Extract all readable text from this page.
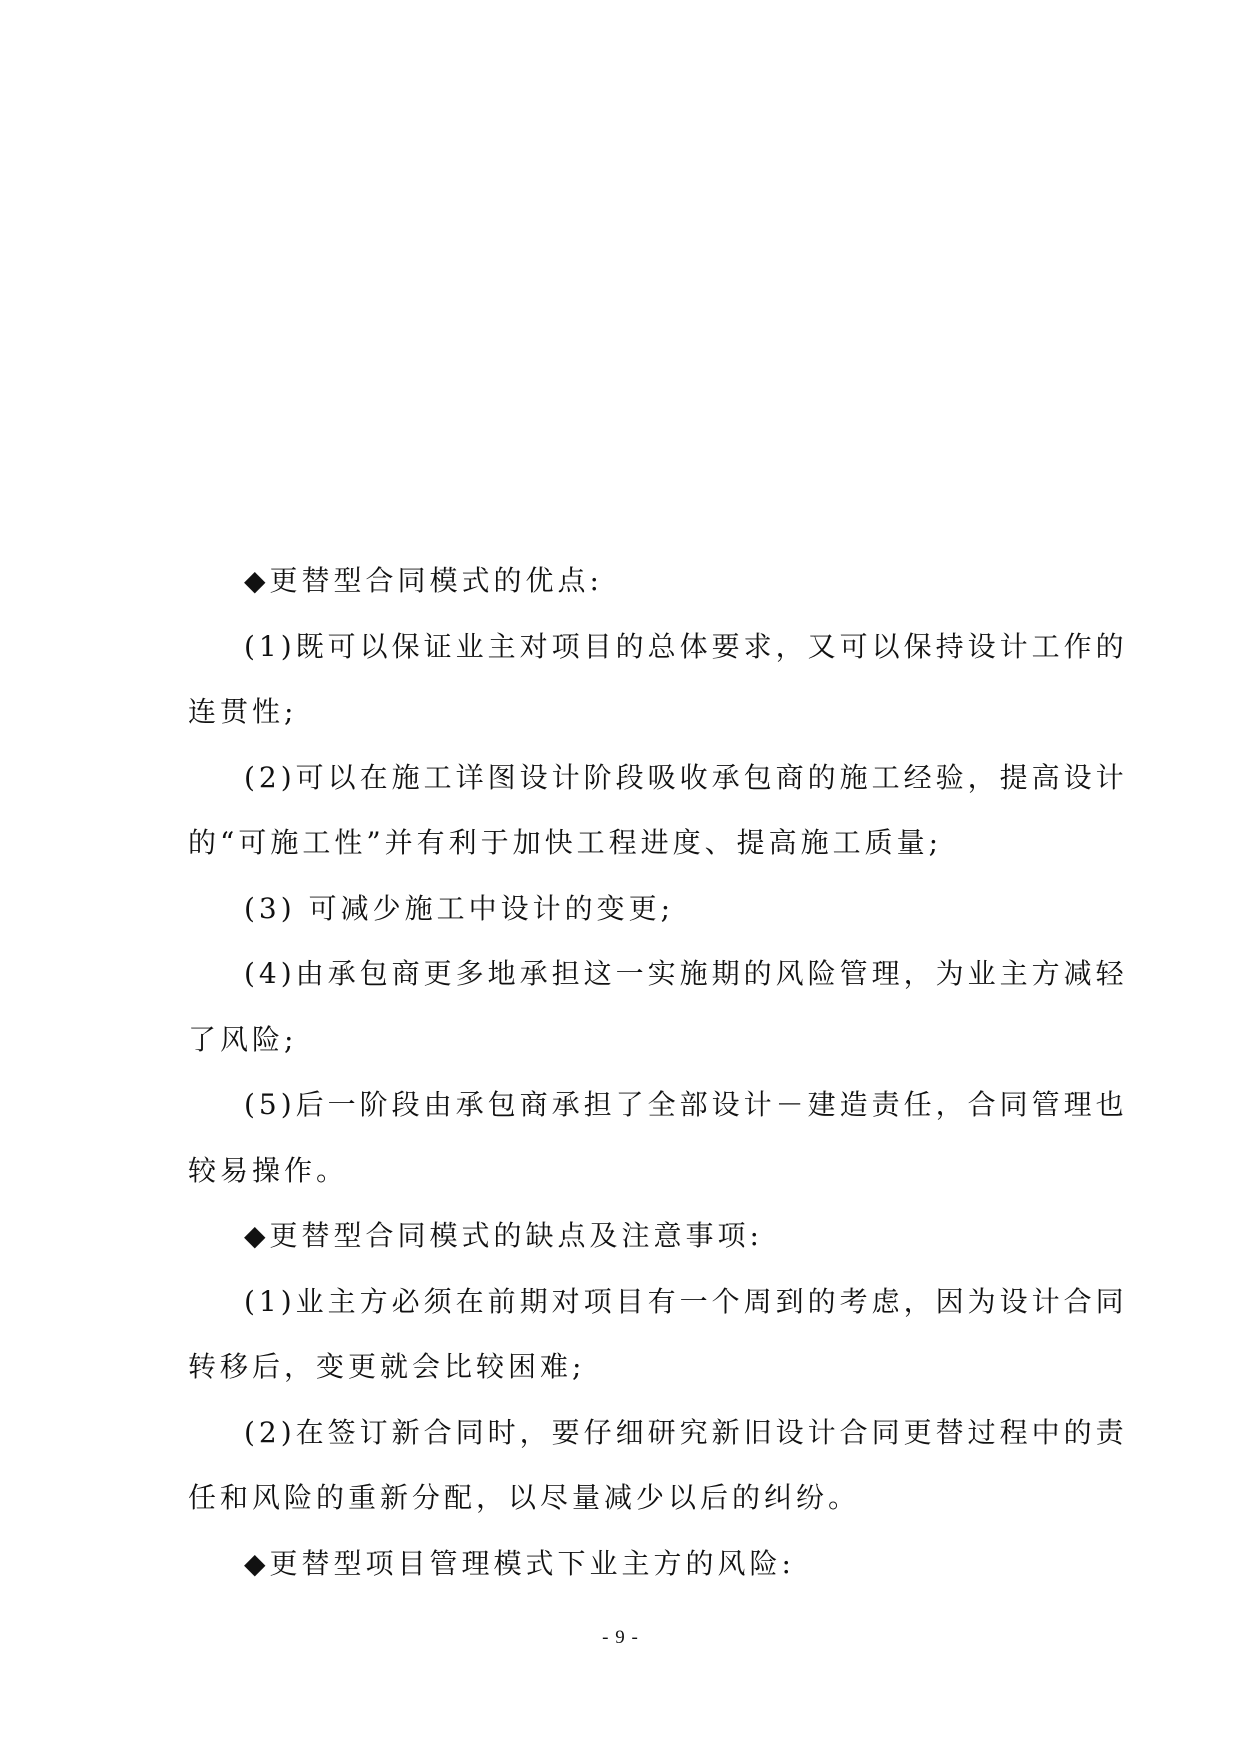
◆更替型合同模式的优点:
(1)既可以保证业主对项目的总体要求，又可以保持设计工作的
连贯性;
(2)可以在施工详图设计阶段吸收承包商的施工经验，提高设计
的“可施工性”并有利于加快工程进度、提高施工质量;
(3) 可减少施工中设计的变更;
(4)由承包商更多地承担这一实施期的风险管理，为业主方减轻
了风险;
(5)后一阶段由承包商承担了全部设计－建造责任，合同管理也
较易操作。
◆更替型合同模式的缺点及注意事项:
(1)业主方必须在前期对项目有一个周到的考虑，因为设计合同
转移后，变更就会比较困难;
(2)在签订新合同时，要仔细研究新旧设计合同更替过程中的责
任和风险的重新分配，以尽量减少以后的纠纷。
◆更替型项目管理模式下业主方的风险:
- 9 -
